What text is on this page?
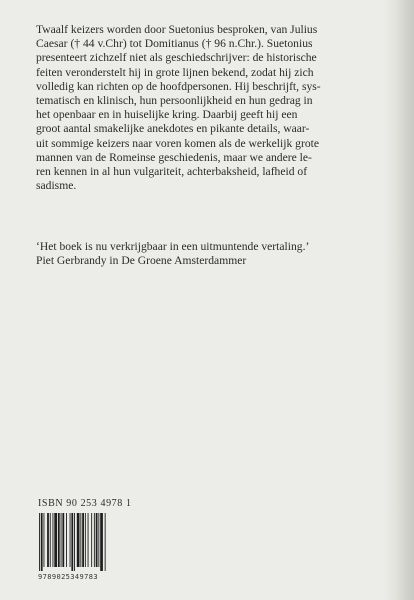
Twaalf keizers worden door Suetonius besproken, van Julius

Caesar († 44 v.Chr) tot Domitianus († 96 n.Chr.). Suetonius

presenteert zichzelf niet als geschiedschrijver: de historische

feiten veronderstelt hij in grote lijnen bekend, zodat hij zich

volledig kan richten op de hoofdpersonen. Hij beschrijft, sys-

tematisch en klinisch, hun persoonlijkheid en hun gedrag in

het openbaar en in huiselijke kring. Daarbij geeft hij een

groot aantal smakelijke anekdotes en pikante details, waar-

uit sommige keizers naar voren komen als de werkelijk grote

mannen van de Romeinse geschiedenis, maar we andere le-

ren kennen in al hun vulgariteit, achterbaksheid, lafheid of

sadisme.

‘Het boek is nu verkrijgbaar in een uitmuntende vertaling.’

Piet Gerbrandy in De Groene Amsterdammer

ISBN 90 253 4978 1
9789025349783
